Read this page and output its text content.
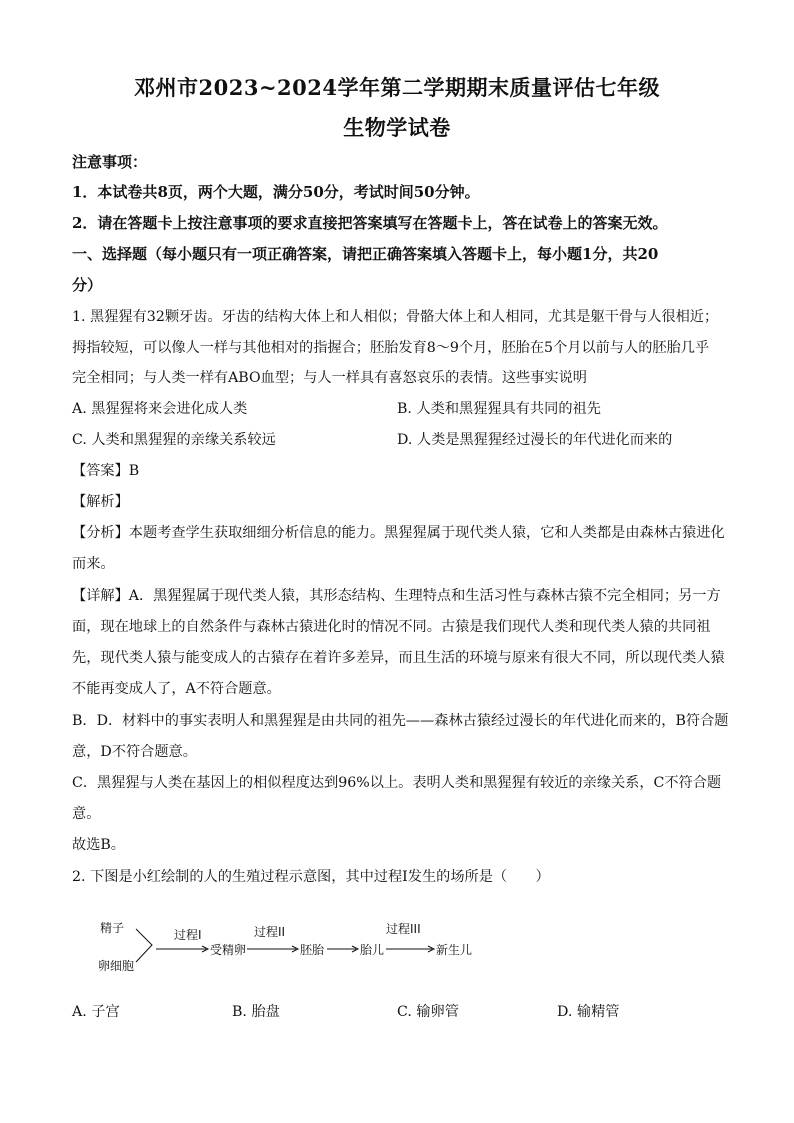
邓州市2023~2024学年第二学期期末质量评估七年级
生物学试卷
注意事项：
1．本试卷共8页，两个大题，满分50分，考试时间50分钟。
2．请在答题卡上按注意事项的要求直接把答案填写在答题卡上，答在试卷上的答案无效。
一、选择题（每小题只有一项正确答案，请把正确答案填入答题卡上，每小题1分，共20
分）
1. 黑猩猩有32颗牙齿。牙齿的结构大体上和人相似；骨骼大体上和人相同，尤其是躯干骨与人很相近；
拇指较短，可以像人一样与其他相对的指握合；胚胎发育8～9个月，胚胎在5个月以前与人的胚胎几乎
完全相同；与人类一样有ABO血型；与人一样具有喜怒哀乐的表情。这些事实说明
A. 黑猩猩将来会进化成人类	B. 人类和黑猩猩具有共同的祖先
C. 人类和黑猩猩的亲缘关系较远	D. 人类是黑猩猩经过漫长的年代进化而来的
【答案】B
【解析】
【分析】本题考查学生获取细细分析信息的能力。黑猩猩属于现代类人猿，它和人类都是由森林古猿进化
而来。
【详解】A．黑猩猩属于现代类人猿，其形态结构、生理特点和生活习性与森林古猿不完全相同；另一方
面，现在地球上的自然条件与森林古猿进化时的情况不同。古猿是我们现代人类和现代类人猿的共同祖
先，现代类人猿与能变成人的古猿存在着许多差异，而且生活的环境与原来有很大不同，所以现代类人猿
不能再变成人了，A不符合题意。
B．D．材料中的事实表明人和黑猩猩是由共同的祖先——森林古猿经过漫长的年代进化而来的，B符合题
意，D不符合题意。
C．黑猩猩与人类在基因上的相似程度达到96%以上。表明人类和黑猩猩有较近的亲缘关系，C不符合题
意。
故选B。
2. 下图是小红绘制的人的生殖过程示意图，其中过程Ⅰ发生的场所是（　　）
精子
卵细胞
过程I
受精卵
过程II
胚胎	胎儿
过程III
新生儿
A. 子宫	B. 胎盘	C. 输卵管	D. 输精管
